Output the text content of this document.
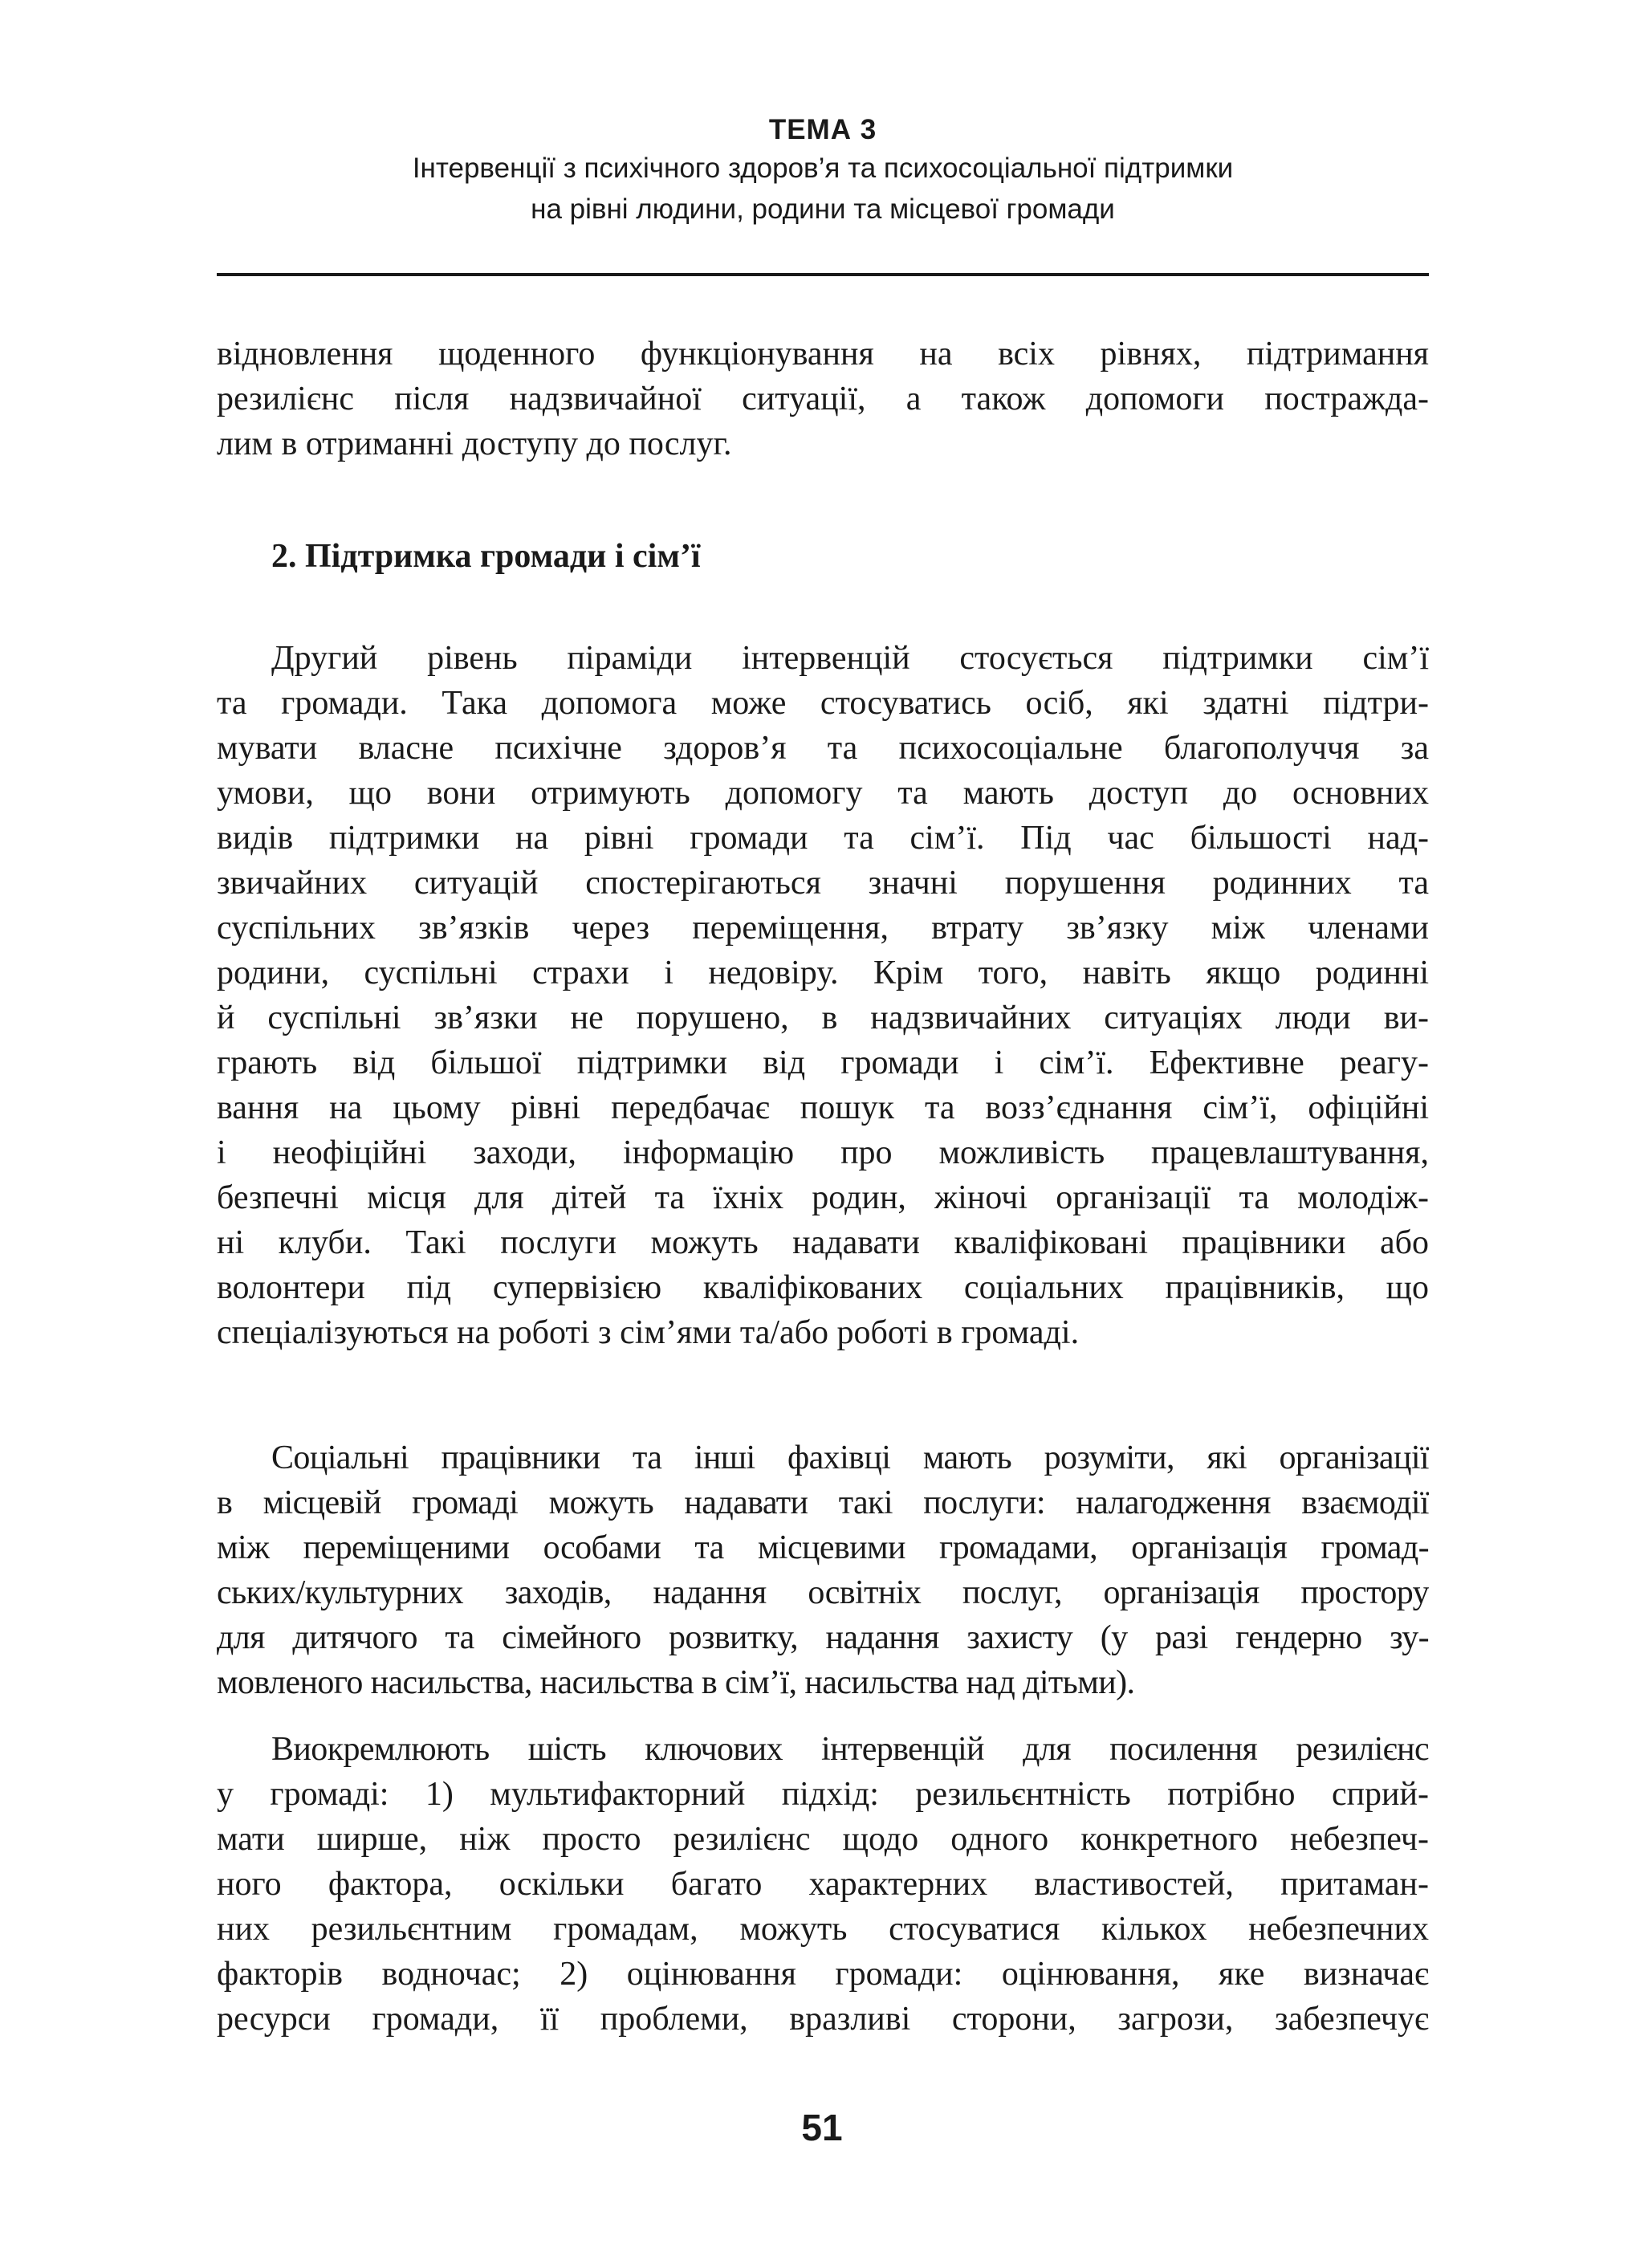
ТЕМА 3
Інтервенції з психічного здоров’я та психосоціальної підтримки
на рівні людини, родини та місцевої громади
відновлення щоденного функціонування на всіх рівнях, підтримання
резилієнс після надзвичайної ситуації, а також допомоги постраждa-
лим в отриманні доступу до послуг.
2. Підтримка громади і сім’ї
Другий рівень піраміди інтервенцій стосується підтримки сім’ї
та громади. Така допомога може стосуватись осіб, які здатні підтри-
мувати власне психічне здоров’я та психосоціальне благополуччя за
умови, що вони отримують допомогу та мають доступ до основних
видів підтримки на рівні громади та сім’ї. Під час більшості над-
звичайних ситуацій спостерігаються значні порушення родинних та
суспільних зв’язків через переміщення, втрату зв’язку між членами
родини, суспільні страхи і недовіру. Крім того, навіть якщо родинні
й суспільні зв’язки не порушено, в надзвичайних ситуаціях люди ви-
грають від більшої підтримки від громади і сім’ї. Ефективне реагу-
вання на цьому рівні передбачає пошук та возз’єднання сім’ї, офіційні
і неофіційні заходи, інформацію про можливість працевлаштування,
безпечні місця для дітей та їхніх родин, жіночі організації та молодіж-
ні клуби. Такі послуги можуть надавати кваліфіковані працівники або
волонтери під супервізією кваліфікованих соціальних працівників, що
спеціалізуються на роботі з сім’ями та/або роботі в громаді.
Соціальні працівники та інші фахівці мають розуміти, які організації
в місцевій громаді можуть надавати такі послуги: налагодження взаємодії
між переміщеними особами та місцевими громадами, організація громад-
ських/культурних заходів, надання освітніх послуг, організація простору
для дитячого та сімейного розвитку, надання захисту (у разі гендерно зу-
мовленого насильства, насильства в сім’ї, насильства над дітьми).
Виокремлюють шість ключових інтервенцій для посилення резилієнс
у громаді: 1) мультифакторний підхід: резильєнтність потрібно сприй-
мати ширше, ніж просто резилієнс щодо одного конкретного небезпеч-
ного фактора, оскільки багато характерних властивостей, притаман-
них резильєнтним громадам, можуть стосуватися кількох небезпечних
факторів водночас; 2) оцінювання громади: оцінювання, яке визначає
ресурси громади, її проблеми, вразливі сторони, загрози, забезпечує
51
